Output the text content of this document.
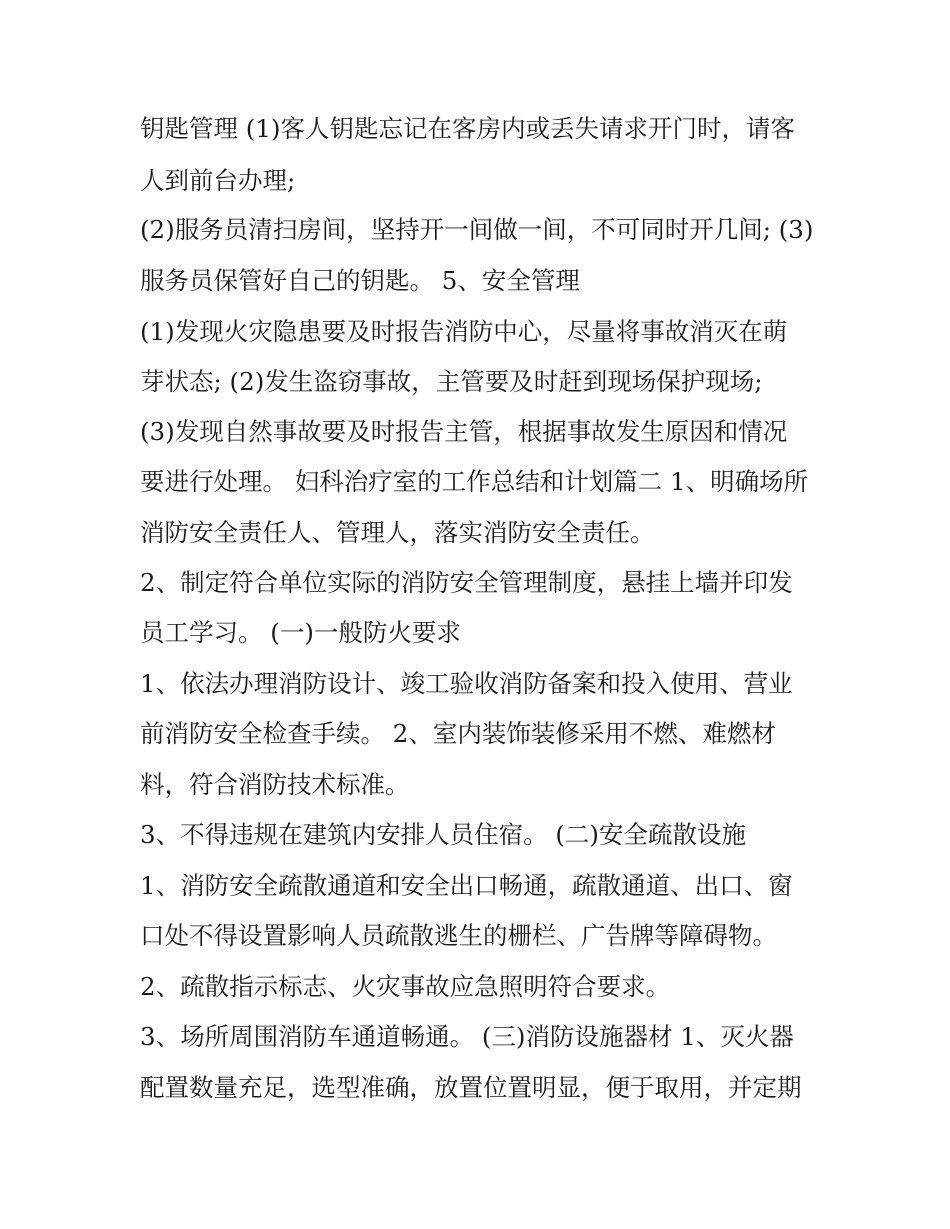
钥匙管理 (1)客人钥匙忘记在客房内或丢失请求开门时，请客

人到前台办理;

(2)服务员清扫房间，坚持开一间做一间，不可同时开几间; (3)

服务员保管好自己的钥匙。 5、安全管理

(1)发现火灾隐患要及时报告消防中心，尽量将事故消灭在萌

芽状态; (2)发生盗窃事故，主管要及时赶到现场保护现场;

(3)发现自然事故要及时报告主管，根据事故发生原因和情况

要进行处理。 妇科治疗室的工作总结和计划篇二 1、明确场所

消防安全责任人、管理人，落实消防安全责任。

2、制定符合单位实际的消防安全管理制度，悬挂上墙并印发

员工学习。 (一)一般防火要求

1、依法办理消防设计、竣工验收消防备案和投入使用、营业

前消防安全检查手续。 2、室内装饰装修采用不燃、难燃材

料，符合消防技术标准。

3、不得违规在建筑内安排人员住宿。 (二)安全疏散设施

1、消防安全疏散通道和安全出口畅通，疏散通道、出口、窗

口处不得设置影响人员疏散逃生的栅栏、广告牌等障碍物。

2、疏散指示标志、火灾事故应急照明符合要求。

3、场所周围消防车通道畅通。 (三)消防设施器材 1、灭火器

配置数量充足，选型准确，放置位置明显，便于取用，并定期
